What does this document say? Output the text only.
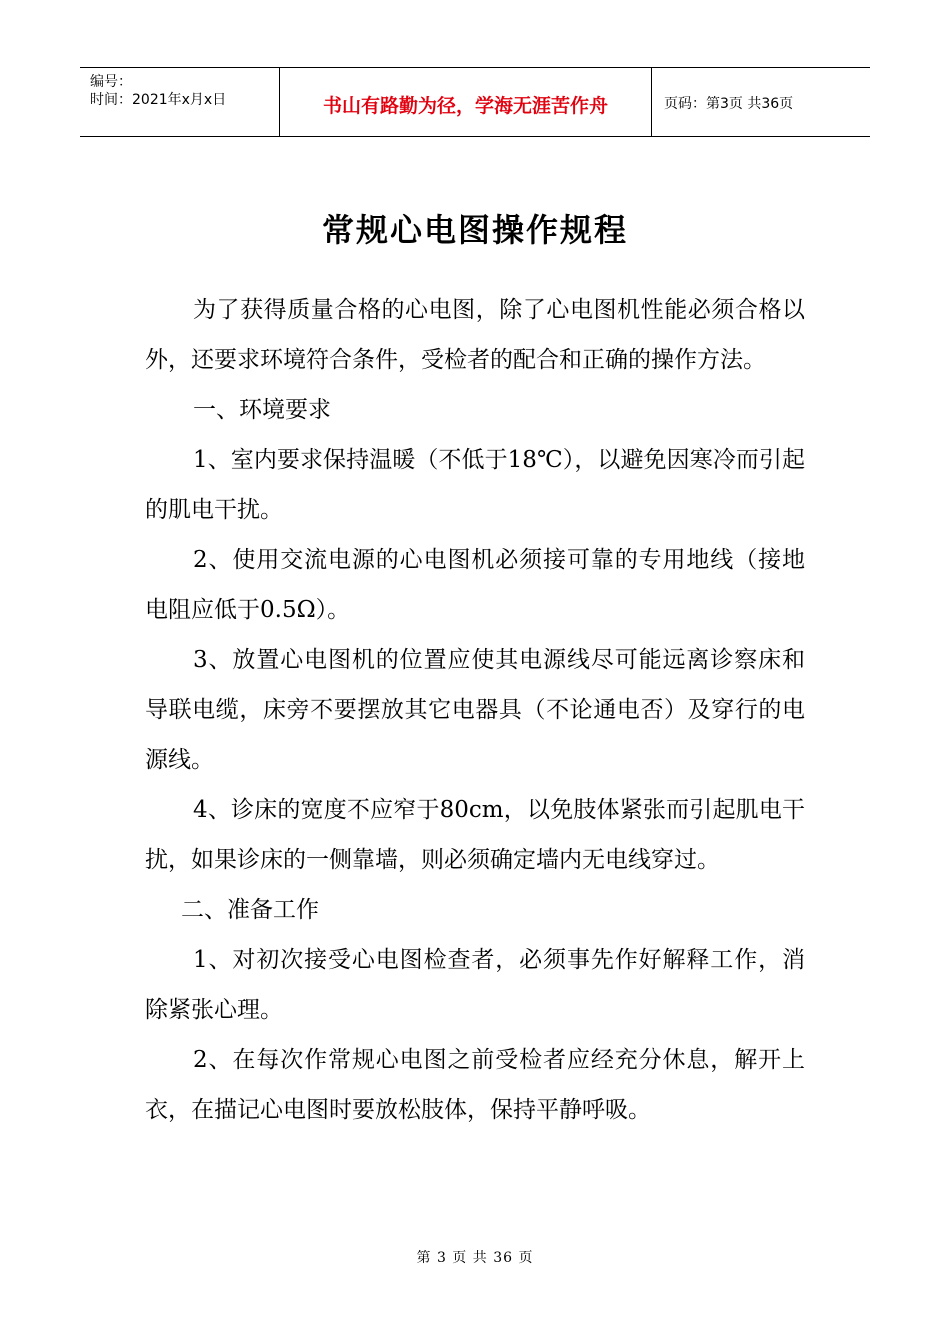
编号：
时间：2021年x月x日	书山有路勤为径，学海无涯苦作舟	页码：第3页 共36页
常规心电图操作规程

为了获得质量合格的心电图，除了心电图机性能必须合格以外，还要求环境符合条件，受检者的配合和正确的操作方法。

一、环境要求

1、室内要求保持温暖（不低于18℃），以避免因寒冷而引起的肌电干扰。

2、使用交流电源的心电图机必须接可靠的专用地线（接地电阻应低于0.5Ω）。

3、放置心电图机的位置应使其电源线尽可能远离诊察床和导联电缆，床旁不要摆放其它电器具（不论通电否）及穿行的电源线。

4、诊床的宽度不应窄于80cm，以免肢体紧张而引起肌电干扰，如果诊床的一侧靠墙，则必须确定墙内无电线穿过。

二、准备工作

1、对初次接受心电图检查者，必须事先作好解释工作，消除紧张心理。

2、在每次作常规心电图之前受检者应经充分休息，解开上衣，在描记心电图时要放松肢体，保持平静呼吸。

第 3 页 共 36 页
